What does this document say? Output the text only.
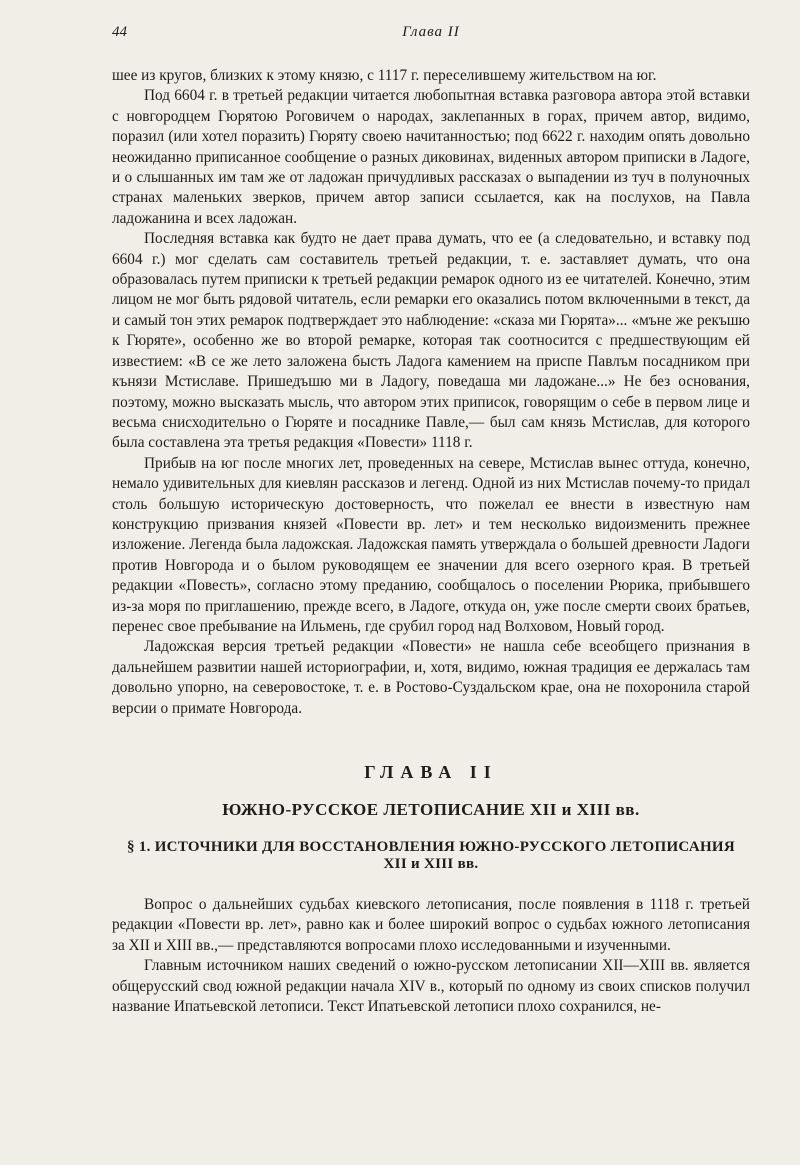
44	Глава II

шее из кругов, близких к этому князю, с 1117 г. переселившему жительством на юг.

Под 6604 г. в третьей редакции читается любопытная вставка разговора автора этой вставки с новгородцем Гюрятою Роговичем о народах, заклепанных в горах, причем автор, видимо, поразил (или хотел поразить) Гюряту своею начитанностью; под 6622 г. находим опять довольно неожиданно приписанное сообщение о разных диковинах, виденных автором приписки в Ладоге, и о слышанных им там же от ладожан причудливых рассказах о выпадении из туч в полуночных странах маленьких зверков, причем автор записи ссылается, как на послухов, на Павла ладожанина и всех ладожан.

Последняя вставка как будто не дает права думать, что ее (а следовательно, и вставку под 6604 г.) мог сделать сам составитель третьей редакции, т. е. заставляет думать, что она образовалась путем приписки к третьей редакции ремарок одного из ее читателей. Конечно, этим лицом не мог быть рядовой читатель, если ремарки его оказались потом включенными в текст, да и самый тон этих ремарок подтверждает это наблюдение: «сказа ми Гюрята»... «мъне же рекъшю к Гюряте», особенно же во второй ремарке, которая так соотносится с предшествующим ей известием: «В се же лето заложена бысть Ладога камением на приспе Павлъм посадником при кънязи Мстиславе. Пришедъшю ми в Ладогу, поведаша ми ладожане...» Не без основания, поэтому, можно высказать мысль, что автором этих приписок, говорящим о себе в первом лице и весьма снисходительно о Гюряте и посаднике Павле,— был сам князь Мстислав, для которого была составлена эта третья редакция «Повести» 1118 г.

Прибыв на юг после многих лет, проведенных на севере, Мстислав вынес оттуда, конечно, немало удивительных для киевлян рассказов и легенд. Одной из них Мстислав почему-то придал столь большую историческую достоверность, что пожелал ее внести в известную нам конструкцию призвания князей «Повести вр. лет» и тем несколько видоизменить прежнее изложение. Легенда была ладожская. Ладожская память утверждала о большей древности Ладоги против Новгорода и о былом руководящем ее значении для всего озерного края. В третьей редакции «Повесть», согласно этому преданию, сообщалось о поселении Рюрика, прибывшего из-за моря по приглашению, прежде всего, в Ладоге, откуда он, уже после смерти своих братьев, перенес свое пребывание на Ильмень, где срубил город над Волховом, Новый город.

Ладожская версия третьей редакции «Повести» не нашла себе всеобщего признания в дальнейшем развитии нашей историографии, и, хотя, видимо, южная традиция ее держалась там довольно упорно, на северовостоке, т. е. в Ростово-Суздальском крае, она не похоронила старой версии о примате Новгорода.

ГЛАВА II
ЮЖНО-РУССКОЕ ЛЕТОПИСАНИЕ XII и XIII вв.
§ 1. ИСТОЧНИКИ ДЛЯ ВОССТАНОВЛЕНИЯ ЮЖНО-РУССКОГО ЛЕТОПИСАНИЯ
XII и XIII вв.

Вопрос о дальнейших судьбах киевского летописания, после появления в 1118 г. третьей редакции «Повести вр. лет», равно как и более широкий вопрос о судьбах южного летописания за XII и XIII вв.,— представляются вопросами плохо исследованными и изученными.

Главным источником наших сведений о южно-русском летописании XII—XIII вв. является общерусский свод южной редакции начала XIV в., который по одному из своих списков получил название Ипатьевской летописи. Текст Ипатьевской летописи плохо сохранился, не-
